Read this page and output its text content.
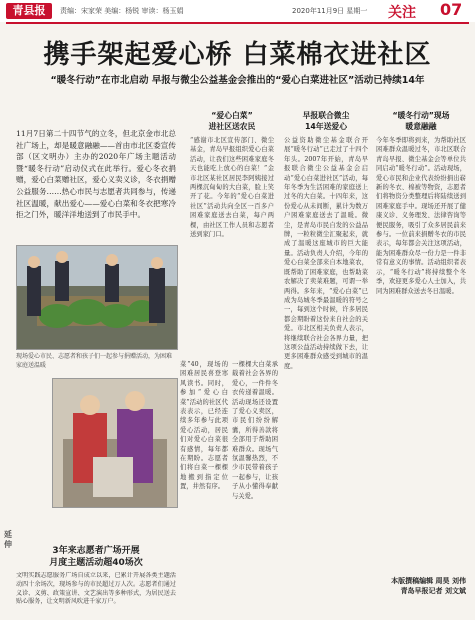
青县报	责编：宋家荣 美编：杨锐 审读：杨玉娟	2020年11月9日 星期一 关注 07
携手架起爱心桥 白菜棉衣进社区
“暖冬行动”在市北启动 早报与微尘公益基金会推出的“爱心白菜进社区”活动已持续14年
11月7日第二十四节气的立冬，但北京金市北总社广场上，却是暖意融融——首由市北区委宣传部（区文明办）主办的2020年广场主题活动暨“暖冬行动”启动仪式在此举行。爱心冬衣捐赠，爱心白菜赠社区，爱心义卖义诊，冬衣捐赠公益服务……热心市民与志愿者共同参与，传递社区温暖，献出爱心——爱心白菜和冬衣把寒冷拒之门外，暖洋洋地送到了市民手中。
现场爱心市民、志愿者和孩子们一起参与捐赠活动，为困难家庭送温暖	菜”40，现场的困难居民喜登寒风读书。同时，参加“爱心白菜”活动的社区代表表示，已经连续多年参与此项爱心活动，居民们对爱心白菜很有感情，每年都在期盼。志愿者们将白菜一棵棵地搬到指定位置，井然有序。
延伸
3年来志愿者广场开展
月度主题活动超40场次
文明实践志愿服务广场自成立以来，已累计开展各类主题活动四十余场次，现场参与的市民超过万人次。志愿者们通过义诊、义剪、政策宣讲、文艺演出等多种形式，为居民送去贴心服务，让文明新风吹进千家万户。
“爱心白菜”
进社区送农民
早报联合微尘
14年送爱心
“暖冬行动”现场
暖意融融
“感谢市北区宣传部门、微尘基金，青岛早报组织爱心白菜活动，让我们这些困难家庭冬天也能吃上放心的白菜！”金市北区某社区居民李阿姨接过两棵沉甸甸的大白菜，脸上笑开了花。今年的“爱心白菜进社区”活动共向全区一百多户困难家庭送去白菜，每户两棵，由社区工作人员和志愿者送到家门口。
一棵棵大白菜承载着社会各界的爱心，一件件冬衣传递着温暖。活动现场还设置了爱心义卖区，市民们纷纷解囊，所得善款将全部用于帮助困难群众。现场气氛温馨热烈，不少市民带着孩子一起参与，让孩子从小懂得奉献与关爱。
公益资助微尘基金联合开展“暖冬行动”已走过了十四个年头。2007年开始，青岛早报联合微尘公益基金会启动“爱心白菜进社区”活动，每年冬季为生活困难的家庭送上过冬的大白菜。十四年来，这份爱心从未间断，累计为数万户困难家庭送去了温暖。微尘，是青岛市民自发的公益品牌，一粒粒微尘汇聚起来，就成了温暖这座城市的巨大能量。活动负责人介绍，今年的爱心白菜全部来自本地菜农，既帮助了困难家庭，也帮助菜农解决了卖菜难题，可谓一举两得。多年来，“爱心白菜”已成为岛城冬季最温暖的符号之一，每到这个时候，许多居民都会期盼着这份来自社会的关爱。市北区相关负责人表示，将继续联合社会各界力量，把这项公益活动持续做下去，让更多困难群众感受到城市的温度。
今年冬季即将到来，为帮助社区困难群众温暖过冬，市北区联合青岛早报、微尘基金会等单位共同启动“暖冬行动”。活动现场，爱心市民和企业代表纷纷捐出崭新的冬衣、棉被等物资，志愿者们将物资分类整理后将陆续送到困难家庭手中。现场还开展了健康义诊、义务理发、法律咨询等便民服务，吸引了众多居民前来参与。一位前来捐赠冬衣的市民表示，每年都会关注这项活动，能为困难群众尽一份力是一件非常有意义的事情。活动组织者表示，“暖冬行动”将持续整个冬季，欢迎更多爱心人士加入，共同为困难群众送去冬日温暖。
本版撰稿编辑 周昊 刘伟
青岛早报记者 刘文斌
